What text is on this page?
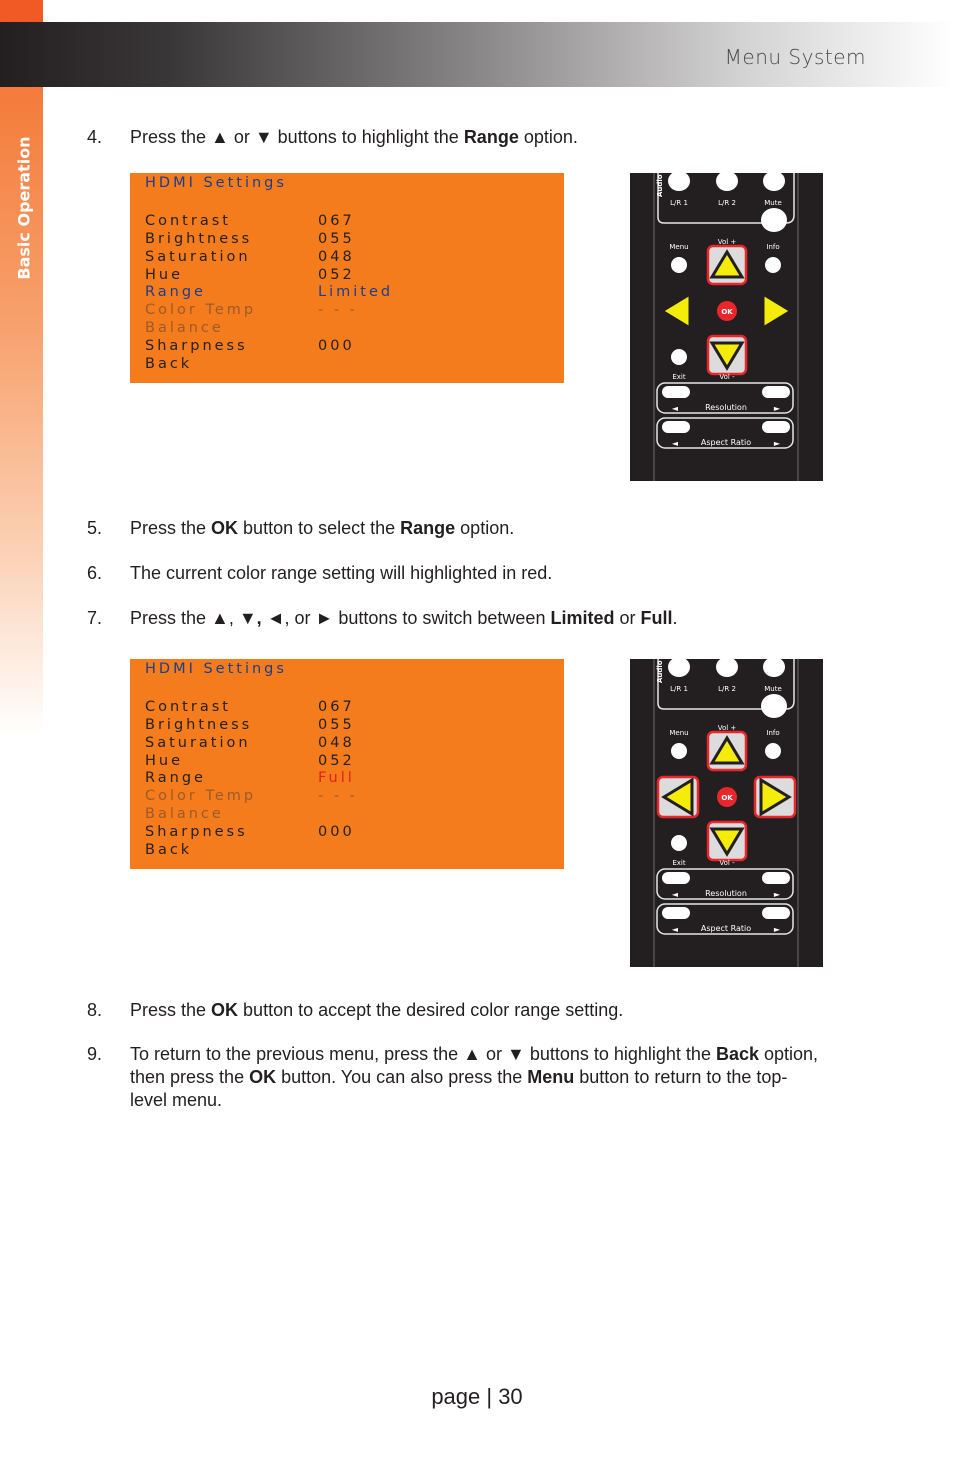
Menu System
Basic Operation	4. Press the ▲ or ▼ buttons to highlight the Range option.
HDMI Settings
Contrast	067
Brightness	055
Saturation	048
Hue	052
Range	Limited
Color Temp	- - -
Balance
Sharpness	000
Back
Audio
L/R 1	L/R 2	Mute
Menu
Vol +
Info
OK
Exit	Vol -
◄	►
Resolution
◄	►
Aspect Ratio
5. Press the OK button to select the Range option.
6. The current color range setting will highlighted in red.
7. Press the ▲, ▼, ◄, or ► buttons to switch between Limited or Full.
HDMI Settings
Contrast	067
Brightness	055
Saturation	048
Hue	052
Range	Full
Color Temp	- - -
Balance
Sharpness	000
Back
Audio
L/R 1	L/R 2	Mute
Menu
Vol +
Info
OK
Exit	Vol -
◄	►
Resolution
◄	►
Aspect Ratio
8. Press the OK button to accept the desired color range setting.
9. To return to the previous menu, press the ▲ or ▼ buttons to highlight the Back option, then press the OK button. You can also press the Menu button to return to the top-level menu.
page | 30
